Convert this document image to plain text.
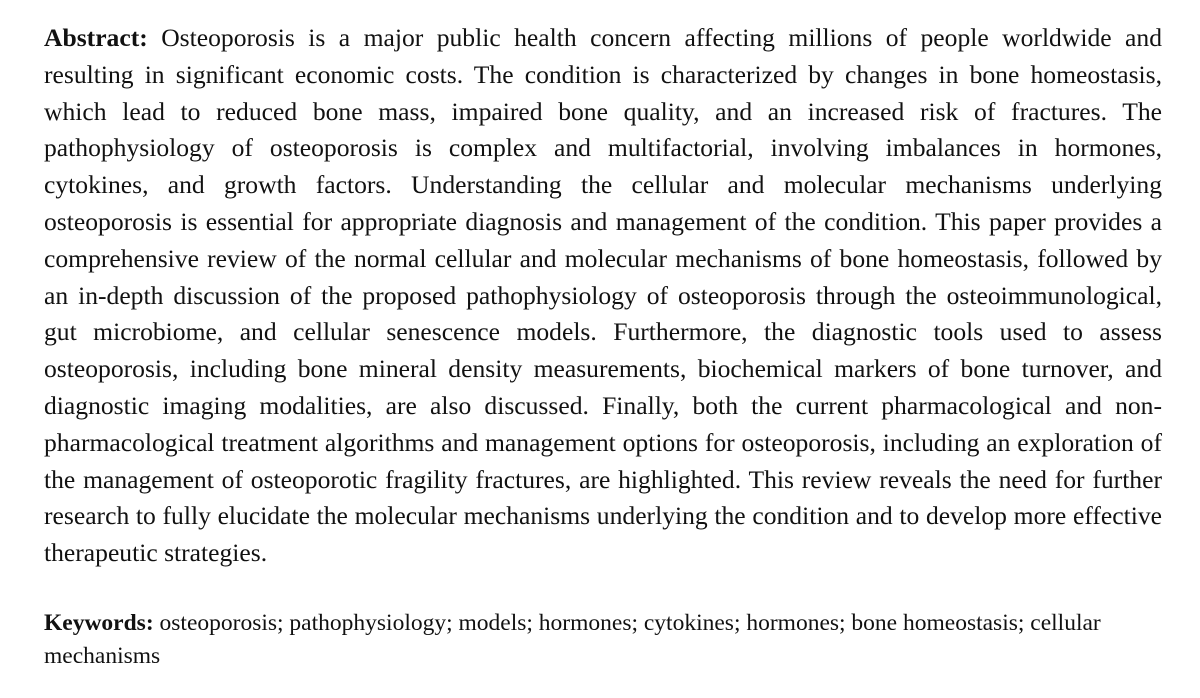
Abstract: Osteoporosis is a major public health concern affecting millions of people worldwide and resulting in significant economic costs. The condition is characterized by changes in bone homeostasis, which lead to reduced bone mass, impaired bone quality, and an increased risk of fractures. The pathophysiology of osteoporosis is complex and multifactorial, involving imbalances in hormones, cytokines, and growth factors. Understanding the cellular and molecular mechanisms underlying osteoporosis is essential for appropriate diagnosis and management of the condition. This paper provides a comprehensive review of the normal cellular and molecular mechanisms of bone homeostasis, followed by an in-depth discussion of the proposed pathophysiology of osteoporosis through the osteoimmunological, gut microbiome, and cellular senescence models. Furthermore, the diagnostic tools used to assess osteoporosis, including bone mineral density measurements, biochemical markers of bone turnover, and diagnostic imaging modalities, are also discussed. Finally, both the current pharmacological and non-pharmacological treatment algorithms and management options for osteoporosis, including an exploration of the management of osteoporotic fragility fractures, are highlighted. This review reveals the need for further research to fully elucidate the molecular mechanisms underlying the condition and to develop more effective therapeutic strategies.

Keywords: osteoporosis; pathophysiology; models; hormones; cytokines; hormones; bone homeostasis; cellular mechanisms
